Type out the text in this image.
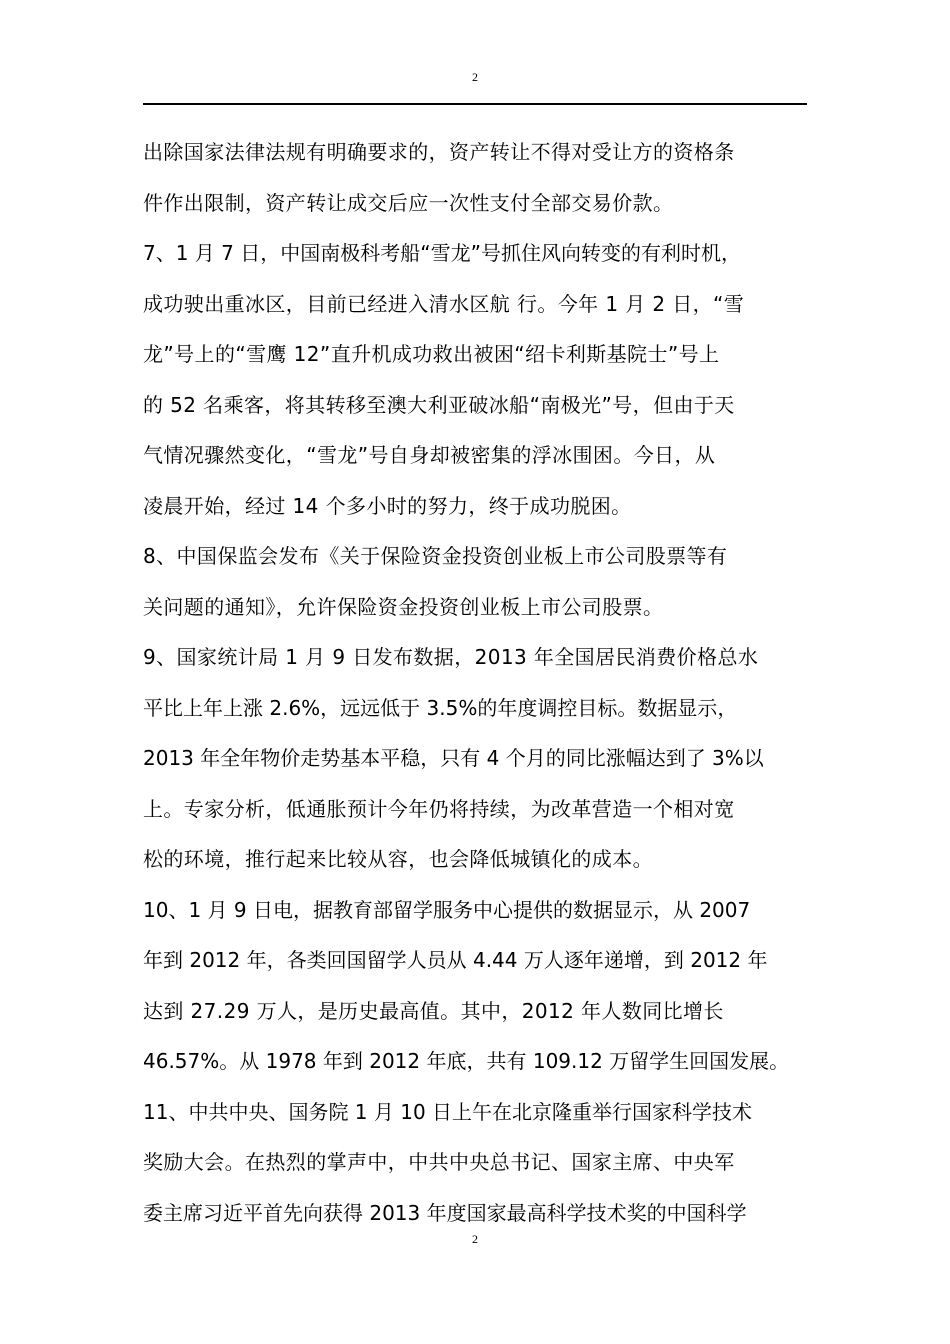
2
出除国家法律法规有明确要求的，资产转让不得对受让方的资格条
件作出限制，资产转让成交后应一次性支付全部交易价款。
7、1 月 7 日，中国南极科考船“雪龙”号抓住风向转变的有利时机，
成功驶出重冰区，目前已经进入清水区航 行。今年 1 月 2 日，“雪
龙”号上的“雪鹰 12”直升机成功救出被困“绍卡利斯基院士”号上
的 52 名乘客，将其转移至澳大利亚破冰船“南极光”号，但由于天
气情况骤然变化，“雪龙”号自身却被密集的浮冰围困。今日，从
凌晨开始，经过 14 个多小时的努力，终于成功脱困。
8、中国保监会发布《关于保险资金投资创业板上市公司股票等有
关问题的通知》，允许保险资金投资创业板上市公司股票。
9、国家统计局 1 月 9 日发布数据，2013 年全国居民消费价格总水
平比上年上涨 2.6%，远远低于 3.5%的年度调控目标。数据显示，
2013 年全年物价走势基本平稳，只有 4 个月的同比涨幅达到了 3%以
上。专家分析，低通胀预计今年仍将持续，为改革营造一个相对宽
松的环境，推行起来比较从容，也会降低城镇化的成本。
10、1 月 9 日电，据教育部留学服务中心提供的数据显示，从 2007
年到 2012 年，各类回国留学人员从 4.44 万人逐年递增，到 2012 年
达到 27.29 万人，是历史最高值。其中，2012 年人数同比增长
46.57%。从 1978 年到 2012 年底，共有 109.12 万留学生回国发展。
11、中共中央、国务院 1 月 10 日上午在北京隆重举行国家科学技术
奖励大会。在热烈的掌声中，中共中央总书记、国家主席、中央军
委主席习近平首先向获得 2013 年度国家最高科学技术奖的中国科学
2
